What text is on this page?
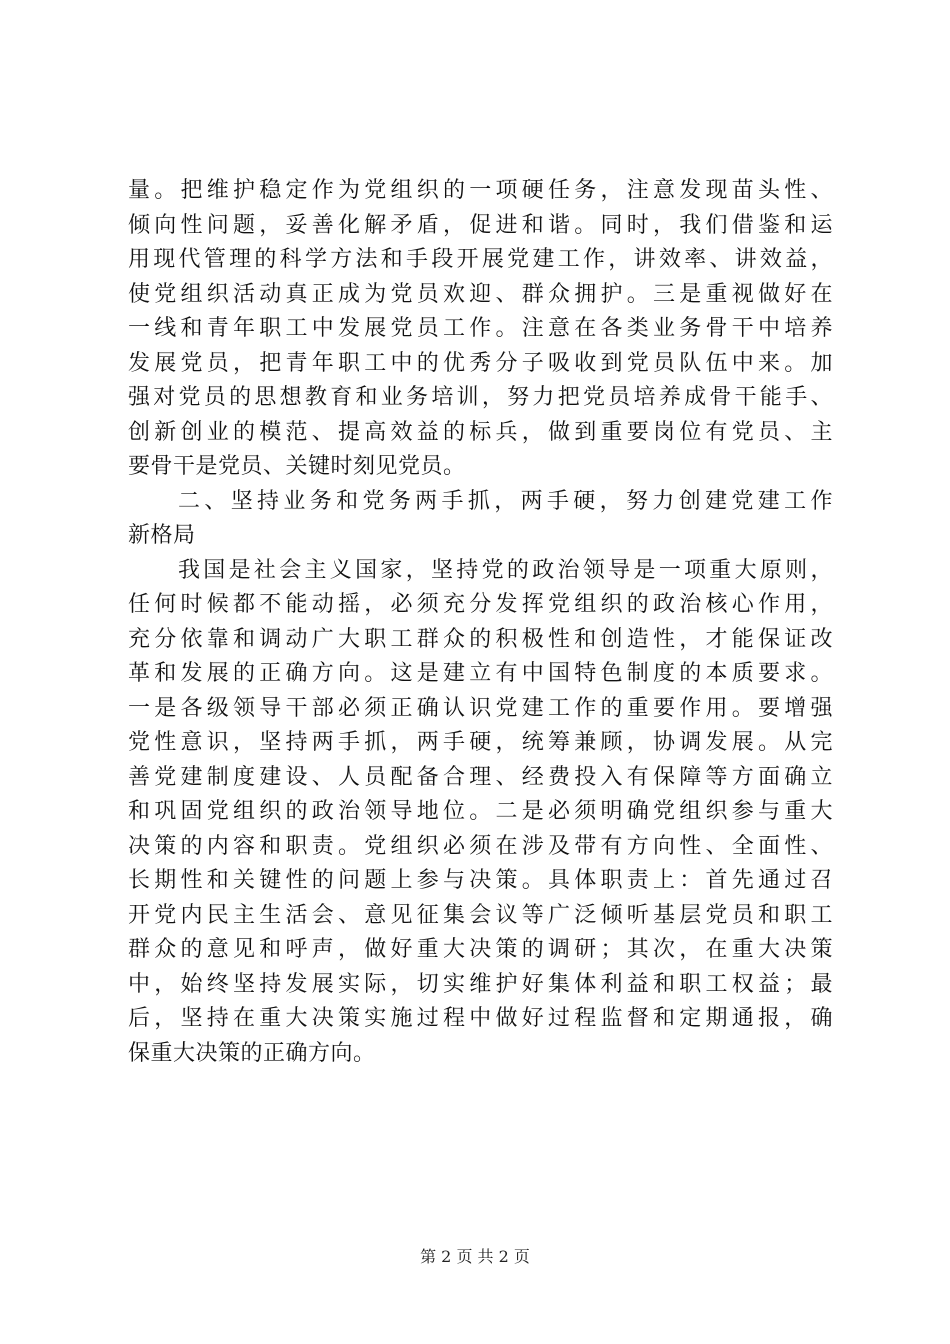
量。把维护稳定作为党组织的一项硬任务，注意发现苗头性、
倾向性问题，妥善化解矛盾，促进和谐。同时，我们借鉴和运
用现代管理的科学方法和手段开展党建工作，讲效率、讲效益，
使党组织活动真正成为党员欢迎、群众拥护。三是重视做好在
一线和青年职工中发展党员工作。注意在各类业务骨干中培养
发展党员，把青年职工中的优秀分子吸收到党员队伍中来。加
强对党员的思想教育和业务培训，努力把党员培养成骨干能手、
创新创业的模范、提高效益的标兵，做到重要岗位有党员、主
要骨干是党员、关键时刻见党员。
二、坚持业务和党务两手抓，两手硬，努力创建党建工作
新格局
我国是社会主义国家，坚持党的政治领导是一项重大原则，
任何时候都不能动摇，必须充分发挥党组织的政治核心作用，
充分依靠和调动广大职工群众的积极性和创造性，才能保证改
革和发展的正确方向。这是建立有中国特色制度的本质要求。
一是各级领导干部必须正确认识党建工作的重要作用。要增强
党性意识，坚持两手抓，两手硬，统筹兼顾，协调发展。从完
善党建制度建设、人员配备合理、经费投入有保障等方面确立
和巩固党组织的政治领导地位。二是必须明确党组织参与重大
决策的内容和职责。党组织必须在涉及带有方向性、全面性、
长期性和关键性的问题上参与决策。具体职责上：首先通过召
开党内民主生活会、意见征集会议等广泛倾听基层党员和职工
群众的意见和呼声，做好重大决策的调研；其次，在重大决策
中，始终坚持发展实际，切实维护好集体利益和职工权益；最
后，坚持在重大决策实施过程中做好过程监督和定期通报，确
保重大决策的正确方向。
第 2 页 共 2 页
